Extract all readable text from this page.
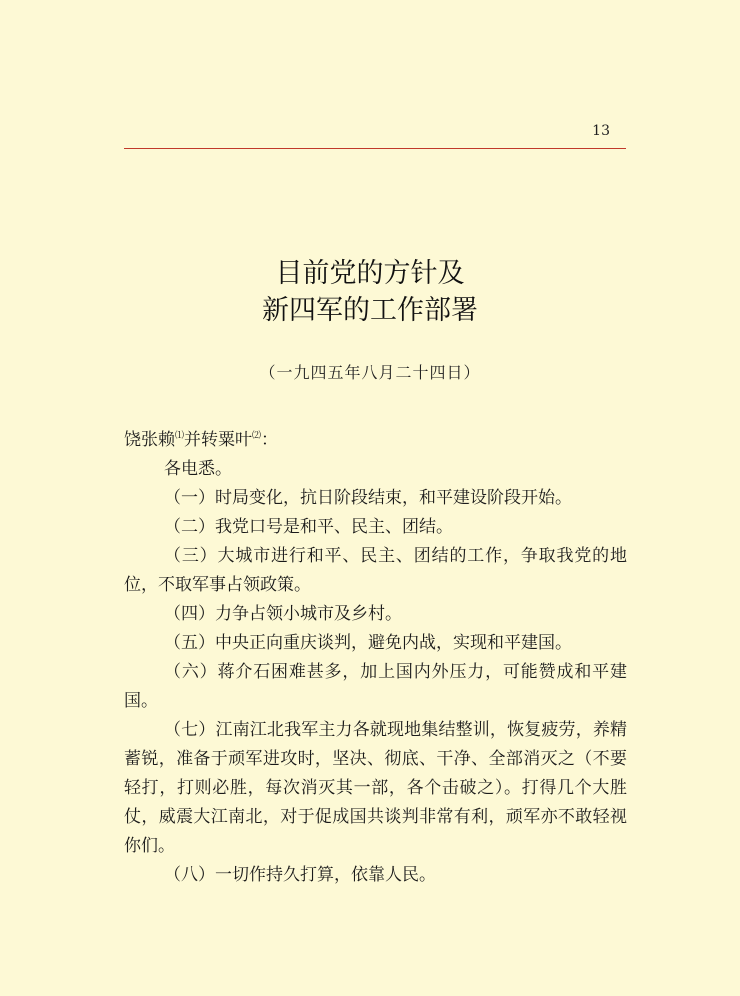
13
目前党的方针及
新四军的工作部署
（一九四五年八月二十四日）

饶张赖⑴并转粟叶⑵：

各电悉。

（一）时局变化，抗日阶段结束，和平建设阶段开始。

（二）我党口号是和平、民主、团结。

（三）大城市进行和平、民主、团结的工作，争取我党的地位，不取军事占领政策。

（四）力争占领小城市及乡村。

（五）中央正向重庆谈判，避免内战，实现和平建国。

（六）蒋介石困难甚多，加上国内外压力，可能赞成和平建国。

（七）江南江北我军主力各就现地集结整训，恢复疲劳，养精蓄锐，准备于顽军进攻时，坚决、彻底、干净、全部消灭之（不要轻打，打则必胜，每次消灭其一部，各个击破之）。打得几个大胜仗，威震大江南北，对于促成国共谈判非常有利，顽军亦不敢轻视你们。

（八）一切作持久打算，依靠人民。
